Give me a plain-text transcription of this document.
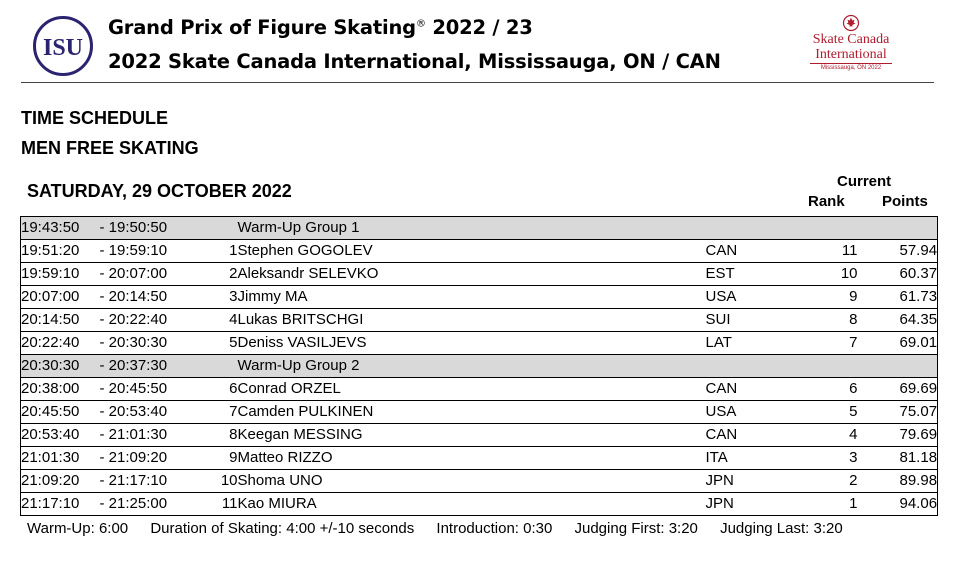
ISU
Grand Prix of Figure Skating® 2022 / 23
2022 Skate Canada International, Mississauga, ON / CAN
Skate Canada
International
Mississauga, ON 2022
TIME SCHEDULE
MEN FREE SKATING
SATURDAY, 29 OCTOBER 2022	Current
Rank Points
19:43:50	- 19:50:50		Warm-Up Group 1			
19:51:20	- 19:59:10	1	Stephen GOGOLEV	CAN	11	57.94
19:59:10	- 20:07:00	2	Aleksandr SELEVKO	EST	10	60.37
20:07:00	- 20:14:50	3	Jimmy MA	USA	9	61.73
20:14:50	- 20:22:40	4	Lukas BRITSCHGI	SUI	8	64.35
20:22:40	- 20:30:30	5	Deniss VASILJEVS	LAT	7	69.01
20:30:30	- 20:37:30		Warm-Up Group 2			
20:38:00	- 20:45:50	6	Conrad ORZEL	CAN	6	69.69
20:45:50	- 20:53:40	7	Camden PULKINEN	USA	5	75.07
20:53:40	- 21:01:30	8	Keegan MESSING	CAN	4	79.69
21:01:30	- 21:09:20	9	Matteo RIZZO	ITA	3	81.18
21:09:20	- 21:17:10	10	Shoma UNO	JPN	2	89.98
21:17:10	- 21:25:00	11	Kao MIURA	JPN	1	94.06
Warm-Up: 6:00 Duration of Skating: 4:00 +/-10 seconds Introduction: 0:30 Judging First: 3:20 Judging Last: 3:20
